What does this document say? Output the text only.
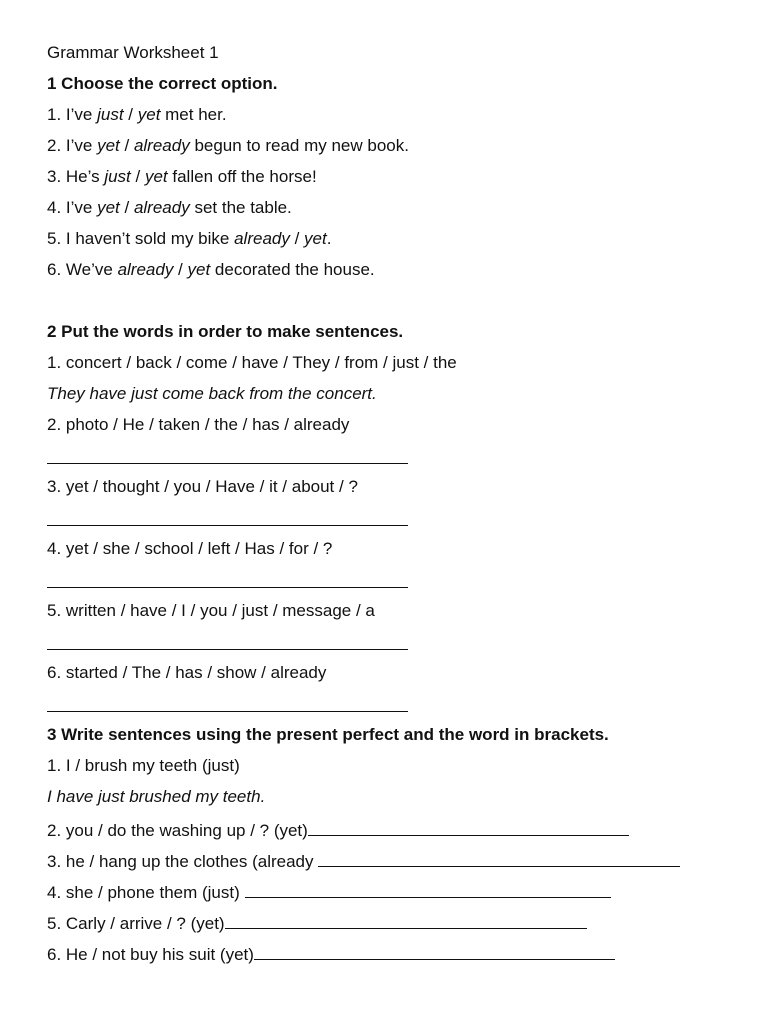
Grammar Worksheet 1
1 Choose the correct option.
1. I’ve just / yet met her.
2. I’ve yet / already begun to read my new book.
3. He’s just / yet fallen off the horse!
4. I’ve yet / already set the table.
5. I haven’t sold my bike already / yet.
6. We’ve already / yet decorated the house.
2 Put the words in order to make sentences.
1. concert / back / come / have / They / from / just / the
They have just come back from the concert.
2. photo / He / taken / the / has / already
3. yet / thought / you / Have / it / about / ?
4. yet / she / school / left / Has / for / ?
5. written / have / I / you / just / message / a
6. started / The / has / show / already
3 Write sentences using the present perfect and the word in brackets.
1. I / brush my teeth (just)
I have just brushed my teeth.
2. you / do the washing up / ? (yet)
3. he / hang up the clothes (already
4. she / phone them (just)
5. Carly / arrive / ? (yet)
6. He / not buy his suit (yet)
